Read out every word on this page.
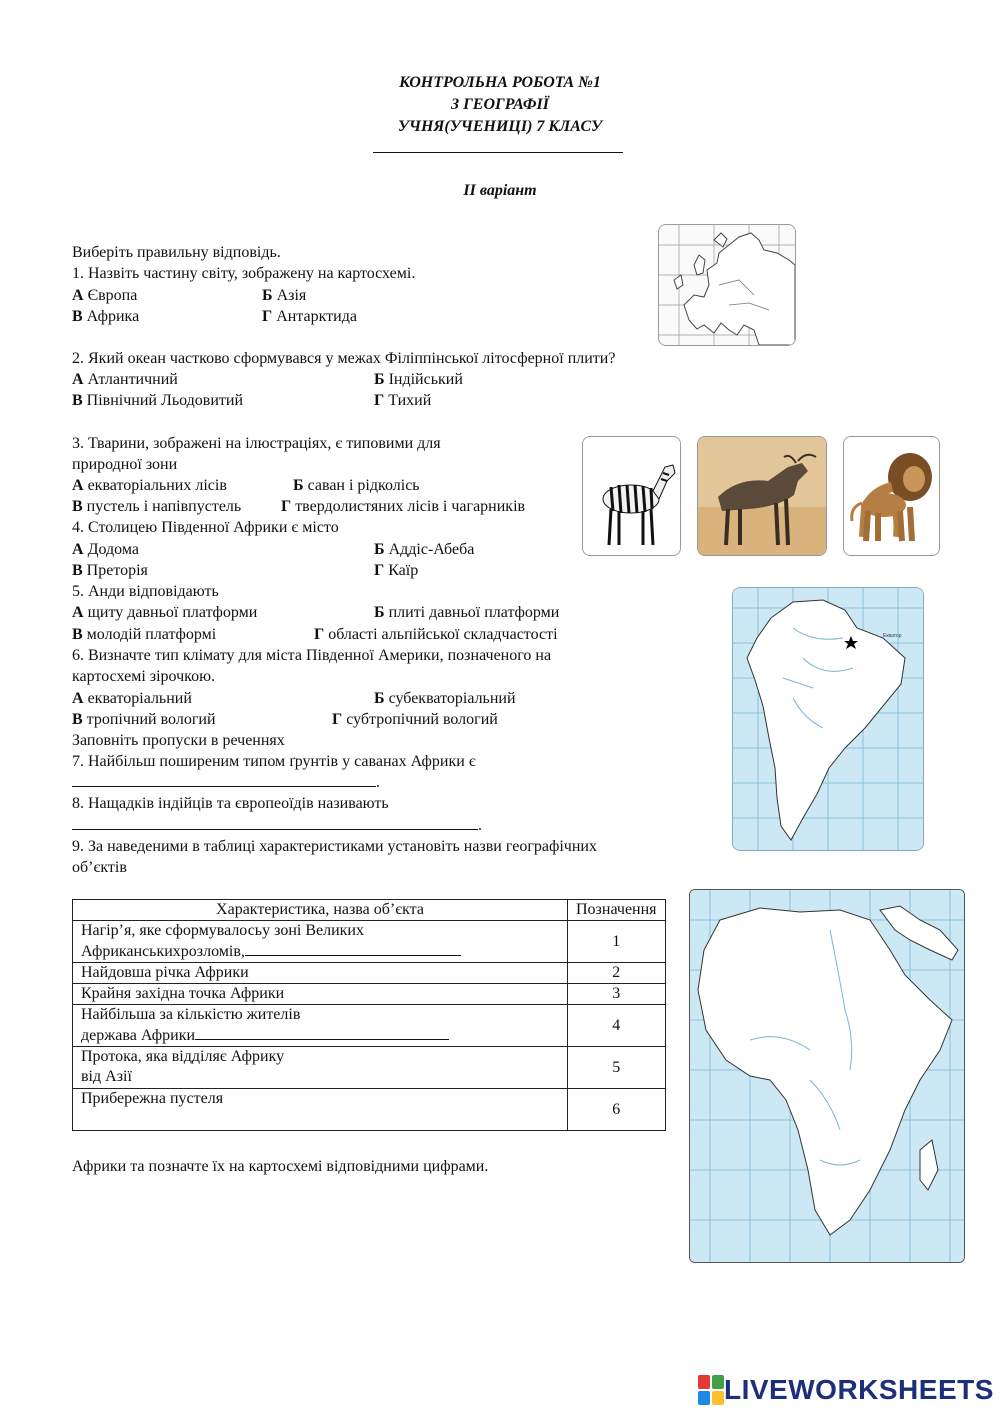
КОНТРОЛЬНА РОБОТА №1
З ГЕОГРАФІЇ
УЧНЯ(УЧЕНИЦІ) 7 КЛАСУ
ІІ варіант
Виберіть правильну відповідь.
1. Назвіть частину світу, зображену на картосхемі.
А Європа	Б Азія
В Африка	Г Антарктида
2. Який океан частково сформувався у межах Філіппінської літосферної плити?
А Атлантичний	Б Індійський
В Північний Льодовитий	Г Тихий
3. Тварини, зображені на ілюстраціях, є типовими для
природної зони
А екваторіальних лісів	Б саван і рідколісь
В пустель і напівпустель Г твердолистяних лісів і чагарників
4. Столицею Південної Африки є місто
А Додома	Б Аддіс-Абеба
В Преторія	Г Каїр
5. Анди відповідають
А щиту давньої платформи	Б плиті давньої платформи
В молодій платформі	Г області альпійської складчастості
6. Визначте тип клімату для міста Південної Америки, позначеного на
картосхемі зірочкою.
А екваторіальний	Б субекваторіальний
В тропічний вологий	Г субтропічний вологий
Екватор
Заповніть пропуски в реченнях
7. Найбільш поширеним типом ґрунтів у саванах Африки є
.
8. Нащадків індійців та європеоїдів називають
.
9. За наведеними в таблиці характеристиками установіть назви географічних
об’єктів
Характеристика, назва об’єкта	Позначення
Нагір’я, яке сформувалосьу зоні Великих
Африканськихрозломів,	1
Найдовша річка Африки	2
Крайня західна точка Африки	3
Найбільша за кількістю жителів
держава Африки	4
Протока, яка відділяє Африку
від Азії	5
Прибережна пустеля	6
Африки та позначте їх на картосхемі відповідними цифрами.
LIVEWORKSHEETS
